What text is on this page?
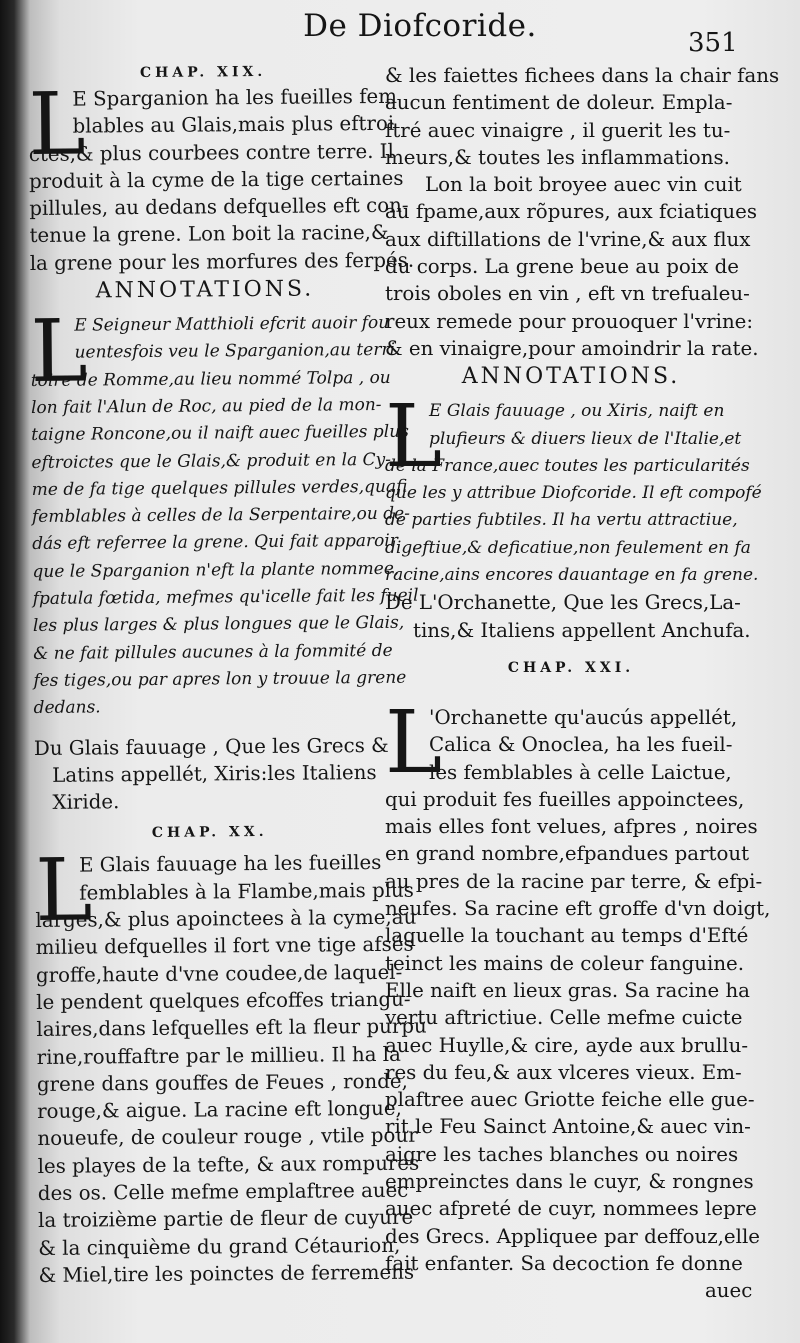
De Diofcoride.	351
CHAP. XIX.
L
E Sparganion ha les fueilles fem
blables au Glais,mais plus eftroi
ctes,& plus courbees contre terre. Il
produit à la cyme de la tige certaines
pillules, au dedans defquelles eft con-
tenue la grene. Lon boit la racine,&
la grene pour les morfures des ferpés.
ANNOTATIONS.
L
E Seigneur Matthioli efcrit auoir fou
uentesfois veu le Sparganion,au terri
toire de Romme,au lieu nommé Tolpa , ou
lon fait l'Alun de Roc, au pied de la mon-
taigne Roncone,ou il naift auec fueilles plus
eftroictes que le Glais,& produit en la Cy-
me de fa tige quelques pillules verdes,quafi
femblables à celles de la Serpentaire,ou de-
dás eft referree la grene. Qui fait apparoir
que le Sparganion n'eft la plante nommee,
fpatula fœtida, mefmes qu'icelle fait les fueil
les plus larges & plus longues que le Glais,
& ne fait pillules aucunes à la fommité de
fes tiges,ou par apres lon y trouue la grene
dedans.
Du Glais fauuage , Que les Grecs &
Latins appellét, Xiris:les Italiens
Xiride.
CHAP. XX.
L
E Glais fauuage ha les fueilles
femblables à la Flambe,mais plus
larges,& plus apoinctees à la cyme,au
milieu defquelles il fort vne tige afsés
groffe,haute d'vne coudee,de laquel-
le pendent quelques efcoffes triangu-
laires,dans lefquelles eft la fleur purpu
rine,rouffaftre par le millieu. Il ha la
grene dans gouffes de Feues , ronde,
rouge,& aigue. La racine eft longue,
noueufe, de couleur rouge , vtile pour
les playes de la tefte, & aux rompures
des os. Celle mefme emplaftree auec
la troizième partie de fleur de cuyure
& la cinquième du grand Cétaurion,
& Miel,tire les poinctes de ferremens
& les faiettes fichees dans la chair fans
aucun fentiment de doleur. Empla-
ftré auec vinaigre , il guerit les tu-
meurs,& toutes les inflammations.
Lon la boit broyee auec vin cuit
au fpame,aux rõpures, aux fciatiques
aux diftillations de l'vrine,& aux flux
du corps. La grene beue au poix de
trois oboles en vin , eft vn trefualeu-
reux remede pour prouoquer l'vrine:
& en vinaigre,pour amoindrir la rate.
ANNOTATIONS.
L
E Glais fauuage , ou Xiris, naift en
plufieurs & diuers lieux de l'Italie,et
de la France,auec toutes les particularités
que les y attribue Diofcoride. Il eft compofé
de parties fubtiles. Il ha vertu attractiue,
digeftiue,& deficatiue,non feulement en fa
racine,ains encores dauantage en fa grene.
De L'Orchanette, Que les Grecs,La-
tins,& Italiens appellent Anchufa.
CHAP. XXI.
L
'Orchanette qu'aucús appellét,
Calica & Onoclea, ha les fueil-
les femblables à celle Laictue,
qui produit fes fueilles appoinctees,
mais elles font velues, afpres , noires
en grand nombre,efpandues partout
au pres de la racine par terre, & efpi-
neufes. Sa racine eft groffe d'vn doigt,
laquelle la touchant au temps d'Efté
teinct les mains de coleur fanguine.
Elle naift en lieux gras. Sa racine ha
vertu aftrictiue. Celle mefme cuicte
auec Huylle,& cire, ayde aux brullu-
res du feu,& aux vlceres vieux. Em-
plaftree auec Griotte feiche elle gue-
rit le Feu Sainct Antoine,& auec vin-
aigre les taches blanches ou noires
empreinctes dans le cuyr, & rongnes
auec afpreté de cuyr, nommees lepre
des Grecs. Appliquee par deffouz,elle
fait enfanter. Sa decoction fe donne
auec
